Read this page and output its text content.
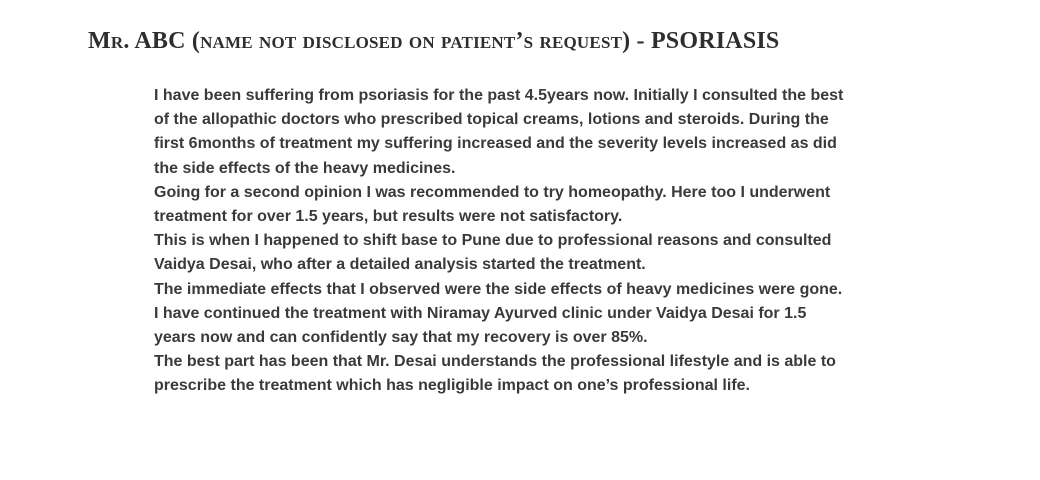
Mr. ABC (name not disclosed on patient’s request) - PSORIASIS
I have been suffering from psoriasis for the past 4.5years now. Initially I consulted the best
of the allopathic doctors who prescribed topical creams, lotions and steroids. During the
first 6months of treatment my suffering increased and the severity levels increased as did
the side effects of the heavy medicines.
Going for a second opinion I was recommended to try homeopathy. Here too I underwent
treatment for over 1.5 years, but results were not satisfactory.
This is when I happened to shift base to Pune due to professional reasons and consulted
Vaidya Desai, who after a detailed analysis started the treatment.
The immediate effects that I observed were the side effects of heavy medicines were gone.
I have continued the treatment with Niramay Ayurved clinic under Vaidya Desai for 1.5
years now and can confidently say that my recovery is over 85%.
The best part has been that Mr. Desai understands the professional lifestyle and is able to
prescribe the treatment which has negligible impact on one’s professional life.
